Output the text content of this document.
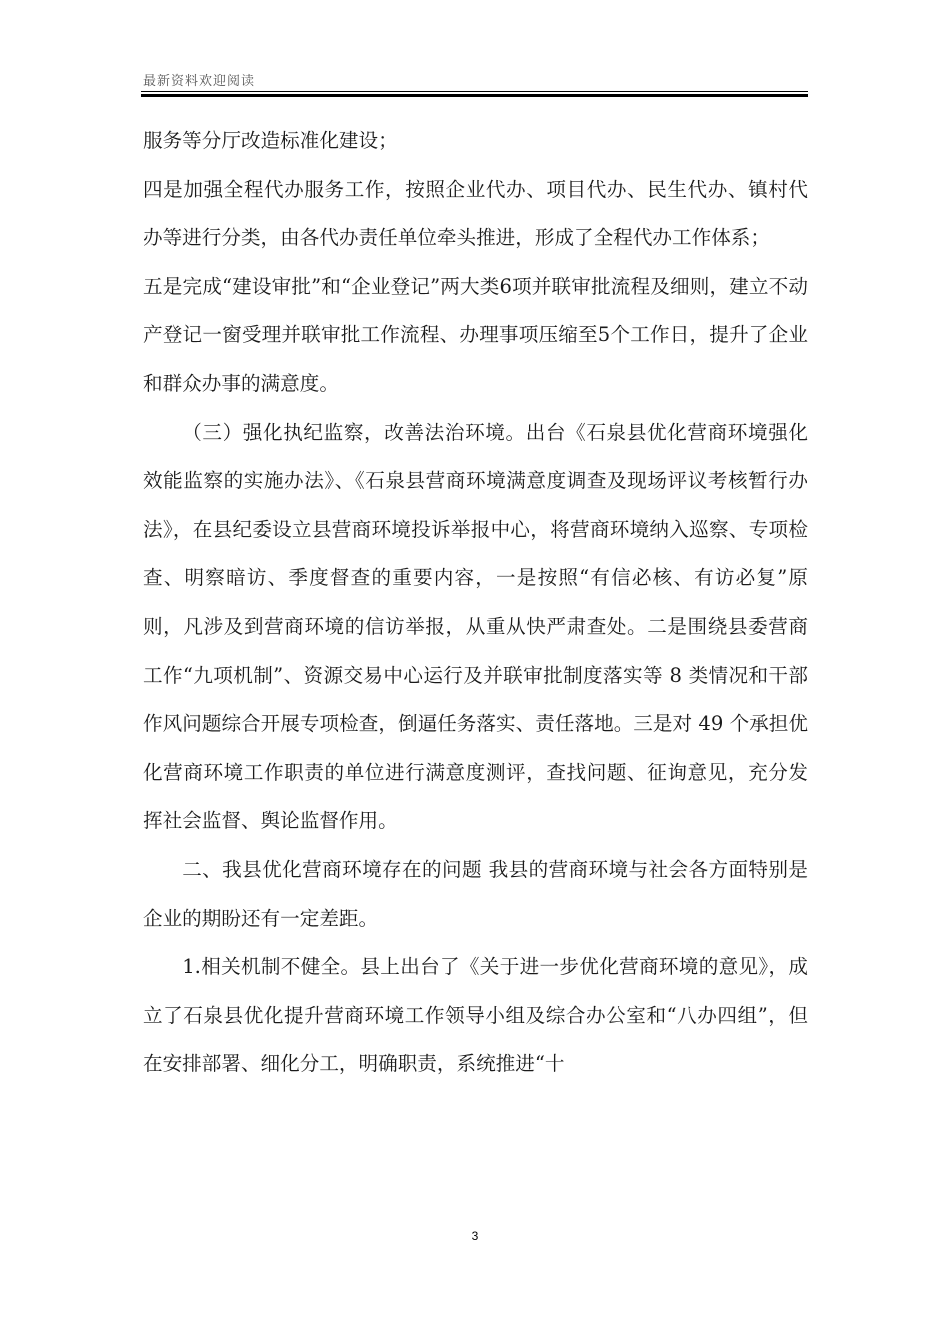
最新资料欢迎阅读

服务等分厅改造标准化建设；

四是加强全程代办服务工作，按照企业代办、项目代办、民生代办、镇村代办等进行分类，由各代办责任单位牵头推进，形成了全程代办工作体系；

五是完成“建设审批”和“企业登记”两大类6项并联审批流程及细则，建立不动产登记一窗受理并联审批工作流程、办理事项压缩至5个工作日，提升了企业和群众办事的满意度。

（三）强化执纪监察，改善法治环境。出台《石泉县优化营商环境强化效能监察的实施办法》、《石泉县营商环境满意度调查及现场评议考核暂行办法》，在县纪委设立县营商环境投诉举报中心，将营商环境纳入巡察、专项检查、明察暗访、季度督查的重要内容，一是按照“有信必核、有访必复”原则，凡涉及到营商环境的信访举报，从重从快严肃查处。二是围绕县委营商工作“九项机制”、资源交易中心运行及并联审批制度落实等 8 类情况和干部作风问题综合开展专项检查，倒逼任务落实、责任落地。三是对 49 个承担优化营商环境工作职责的单位进行满意度测评，查找问题、征询意见，充分发挥社会监督、舆论监督作用。

二、我县优化营商环境存在的问题 我县的营商环境与社会各方面特别是企业的期盼还有一定差距。

1.相关机制不健全。县上出台了《关于进一步优化营商环境的意见》，成立了石泉县优化提升营商环境工作领导小组及综合办公室和“八办四组”，但在安排部署、细化分工，明确职责，系统推进“十

3
